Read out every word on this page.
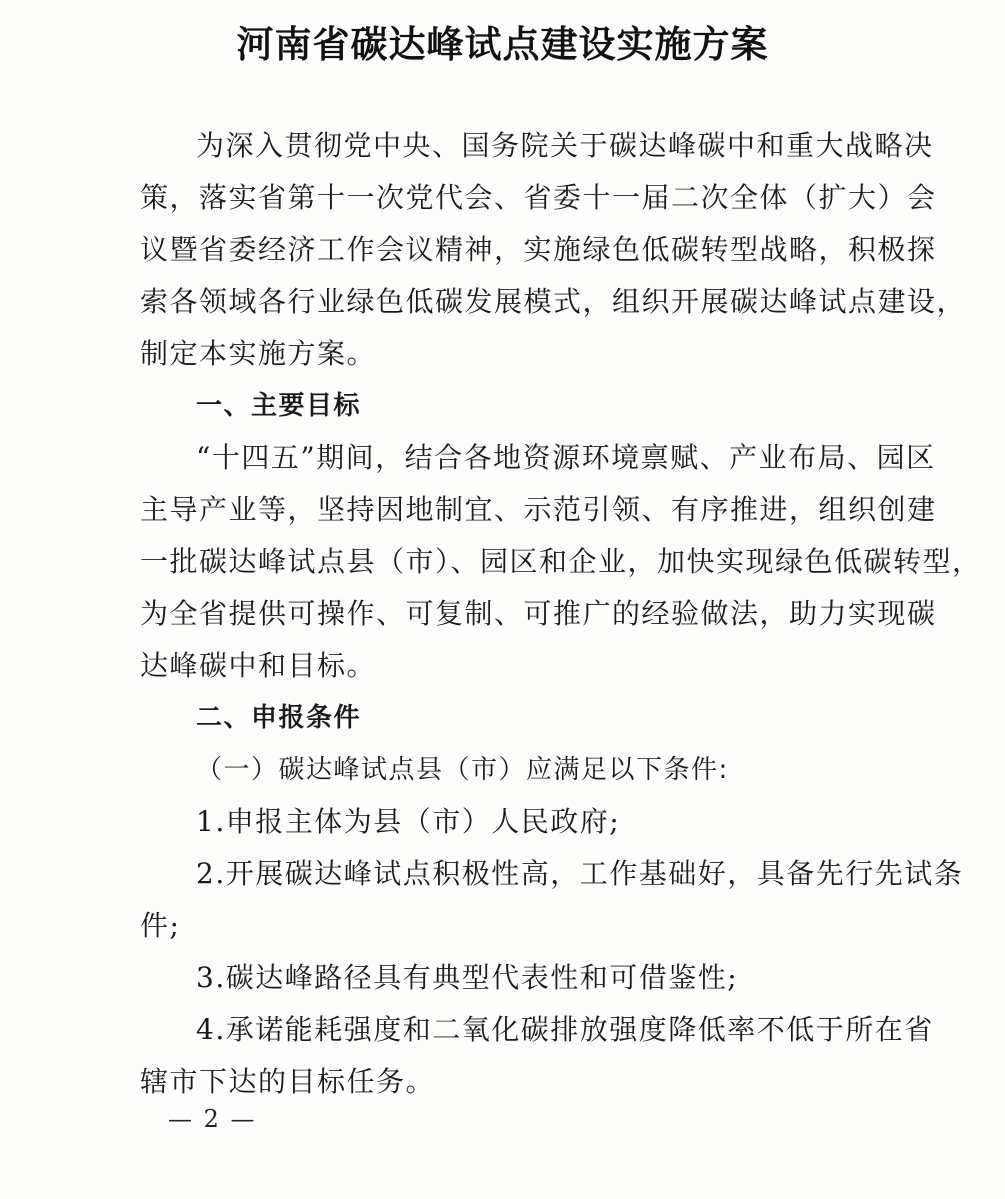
河南省碳达峰试点建设实施方案

为深入贯彻党中央、国务院关于碳达峰碳中和重大战略决

策，落实省第十一次党代会、省委十一届二次全体（扩大）会

议暨省委经济工作会议精神，实施绿色低碳转型战略，积极探

索各领域各行业绿色低碳发展模式，组织开展碳达峰试点建设，

制定本实施方案。

一、主要目标

“十四五”期间，结合各地资源环境禀赋、产业布局、园区

主导产业等，坚持因地制宜、示范引领、有序推进，组织创建

一批碳达峰试点县（市）、园区和企业，加快实现绿色低碳转型，

为全省提供可操作、可复制、可推广的经验做法，助力实现碳

达峰碳中和目标。

二、申报条件

（一）碳达峰试点县（市）应满足以下条件:

1.申报主体为县（市）人民政府;

2.开展碳达峰试点积极性高，工作基础好，具备先行先试条

件;

3.碳达峰路径具有典型代表性和可借鉴性;

4.承诺能耗强度和二氧化碳排放强度降低率不低于所在省

辖市下达的目标任务。

— 2 —
